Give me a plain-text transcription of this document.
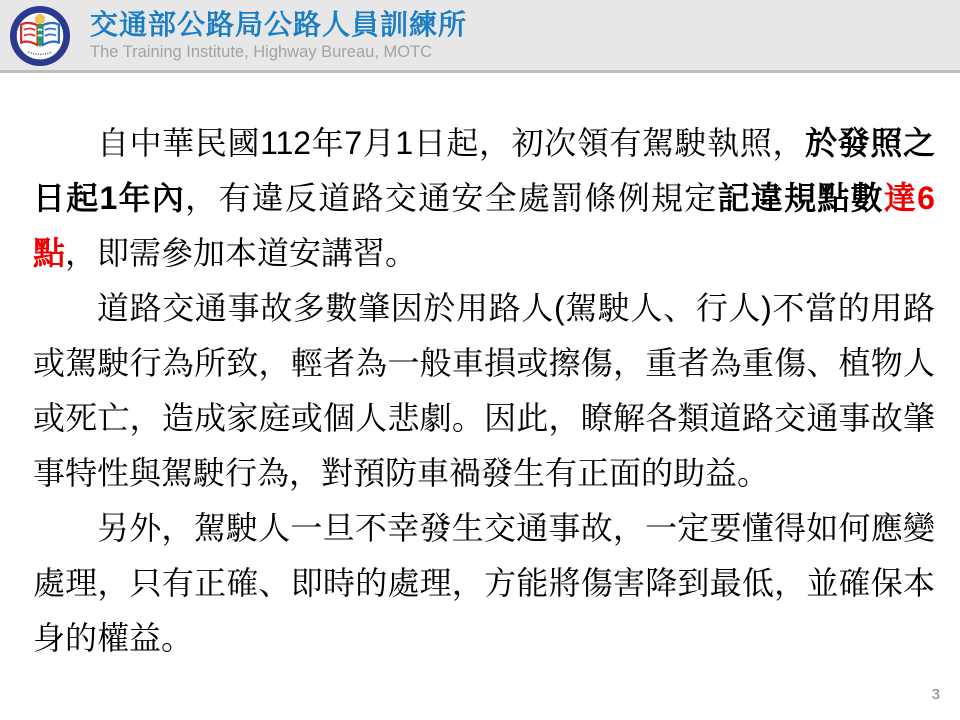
交通部公路局公路人員訓練所
The Training Institute, Highway Bureau, MOTC

自中華民國112年7月1日起，初次領有駕駛執照，於發照之日起1年內，有違反道路交通安全處罰條例規定記違規點數達6點，即需參加本道安講習。

道路交通事故多數肇因於用路人(駕駛人、行人)不當的用路或駕駛行為所致，輕者為一般車損或擦傷，重者為重傷、植物人或死亡，造成家庭或個人悲劇。因此，瞭解各類道路交通事故肇事特性與駕駛行為，對預防車禍發生有正面的助益。

另外，駕駛人一旦不幸發生交通事故，一定要懂得如何應變處理，只有正確、即時的處理，方能將傷害降到最低，並確保本身的權益。

3
